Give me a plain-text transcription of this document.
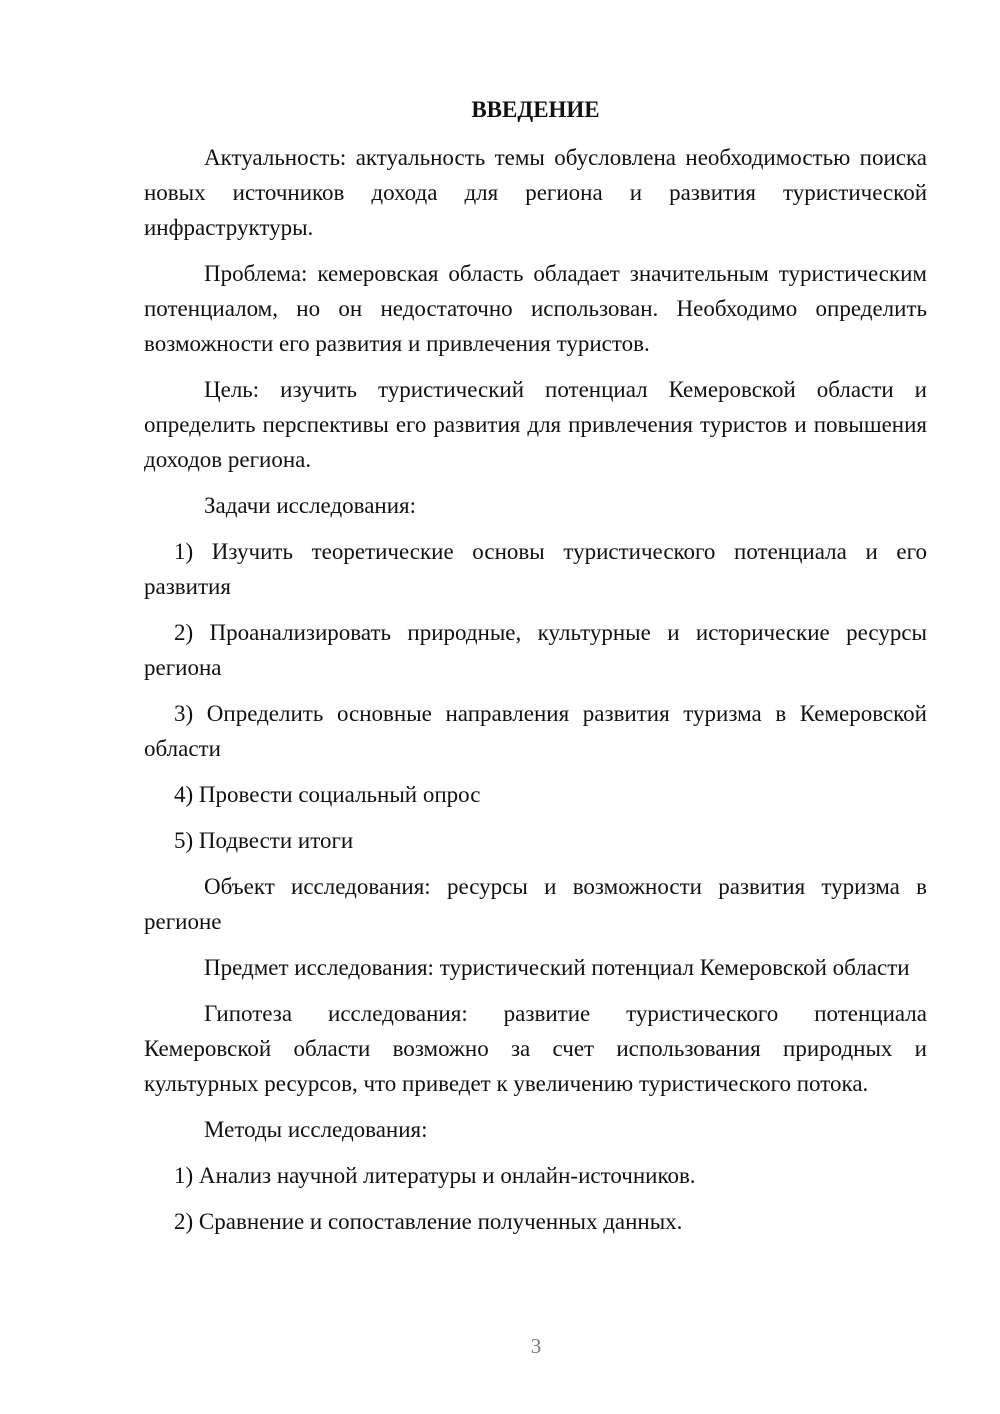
ВВЕДЕНИЕ

Актуальность: актуальность темы обусловлена необходимостью поиска новых источников дохода для региона и развития туристической инфраструктуры.

Проблема: кемеровская область обладает значительным туристическим потенциалом, но он недостаточно использован. Необходимо определить возможности его развития и привлечения туристов.

Цель: изучить туристический потенциал Кемеровской области и определить перспективы его развития для привлечения туристов и повышения доходов региона.

Задачи исследования:

1) Изучить теоретические основы туристического потенциала и его развития

2) Проанализировать природные, культурные и исторические ресурсы региона

3) Определить основные направления развития туризма в Кемеровской области

4) Провести социальный опрос

5) Подвести итоги

Объект исследования: ресурсы и возможности развития туризма в регионе

Предмет исследования: туристический потенциал Кемеровской области

Гипотеза исследования: развитие туристического потенциала Кемеровской области возможно за счет использования природных и культурных ресурсов, что приведет к увеличению туристического потока.

Методы исследования:

1) Анализ научной литературы и онлайн-источников.

2) Сравнение и сопоставление полученных данных.

3
